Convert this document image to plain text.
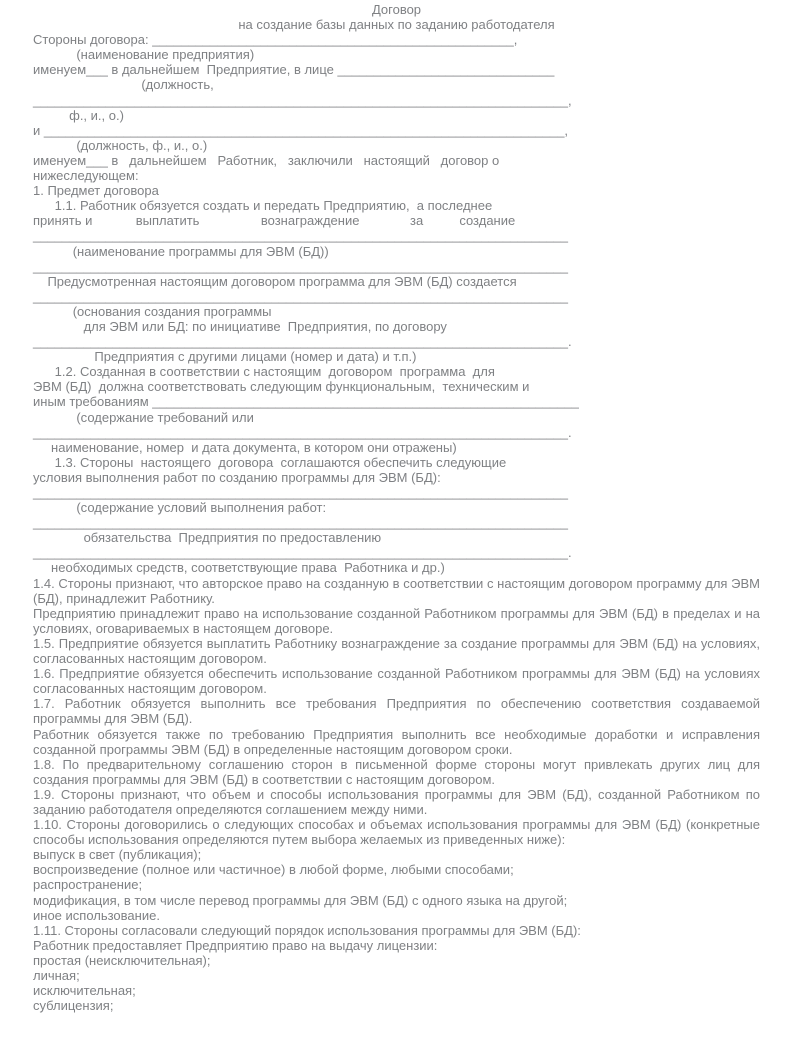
Договор
на создание базы данных по заданию работодателя
Стороны договора: __________________________________________________,
(наименование предприятия)
именуем___ в дальнейшем  Предприятие, в лице ______________________________
(должность,
__________________________________________________________________________,
ф., и., о.)
и ________________________________________________________________________,
(должность, ф., и., о.)
именуем___ в   дальнейшем   Работник,   заключили   настоящий   договор о
нижеследующем:
1. Предмет договора
1.1. Работник обязуется создать и передать Предприятию,  а последнее
принять и            выплатить                 вознаграждение              за          создание
__________________________________________________________________________
(наименование программы для ЭВМ (БД))
__________________________________________________________________________
Предусмотренная настоящим договором программа для ЭВМ (БД) создается
__________________________________________________________________________
(основания создания программы
для ЭВМ или БД: по инициативе  Предприятия, по договору
__________________________________________________________________________.
Предприятия с другими лицами (номер и дата) и т.п.)
1.2. Созданная в соответствии с настоящим  договором  программа  для
ЭВМ (БД)  должна соответствовать следующим функциональным,  техническим и
иным требованиям ___________________________________________________________
(содержание требований или
__________________________________________________________________________.
наименование, номер  и дата документа, в котором они отражены)
1.3. Стороны  настоящего  договора  соглашаются обеспечить следующие
условия выполнения работ по созданию программы для ЭВМ (БД):
__________________________________________________________________________
(содержание условий выполнения работ:
__________________________________________________________________________
обязательства  Предприятия по предоставлению
__________________________________________________________________________.
необходимых средств, соответствующие права  Работника и др.)

1.4. Стороны признают, что авторское право на созданную в соответствии с настоящим договором программу для ЭВМ (БД), принадлежит Работнику.

Предприятию принадлежит право на использование созданной Работником программы для ЭВМ (БД) в пределах и на условиях, оговариваемых в настоящем договоре.

1.5. Предприятие обязуется выплатить Работнику вознаграждение за создание программы для ЭВМ (БД) на условиях, согласованных настоящим договором.

1.6. Предприятие обязуется обеспечить использование созданной Работником программы для ЭВМ (БД) на условиях согласованных настоящим договором.

1.7. Работник обязуется выполнить все требования Предприятия по обеспечению соответствия создаваемой программы для ЭВМ (БД).

Работник обязуется также по требованию Предприятия выполнить все необходимые доработки и исправления созданной программы ЭВМ (БД) в определенные настоящим договором сроки.

1.8. По предварительному соглашению сторон в письменной форме стороны могут привлекать других лиц для создания программы для ЭВМ (БД) в соответствии с настоящим договором.

1.9. Стороны признают, что объем и способы использования программы для ЭВМ (БД), созданной Работником по заданию работодателя определяются соглашением между ними.

1.10. Стороны договорились о следующих способах и объемах использования программы для ЭВМ (БД) (конкретные способы использования определяются путем выбора желаемых из приведенных ниже):

выпуск в свет (публикация);

воспроизведение (полное или частичное) в любой форме, любыми способами;

распространение;

модификация, в том числе перевод программы для ЭВМ (БД) с одного языка на другой;

иное использование.

1.11. Стороны согласовали следующий порядок использования программы для ЭВМ (БД):

Работник предоставляет Предприятию право на выдачу лицензии:

простая (неисключительная);

личная;

исключительная;

сублицензия;
